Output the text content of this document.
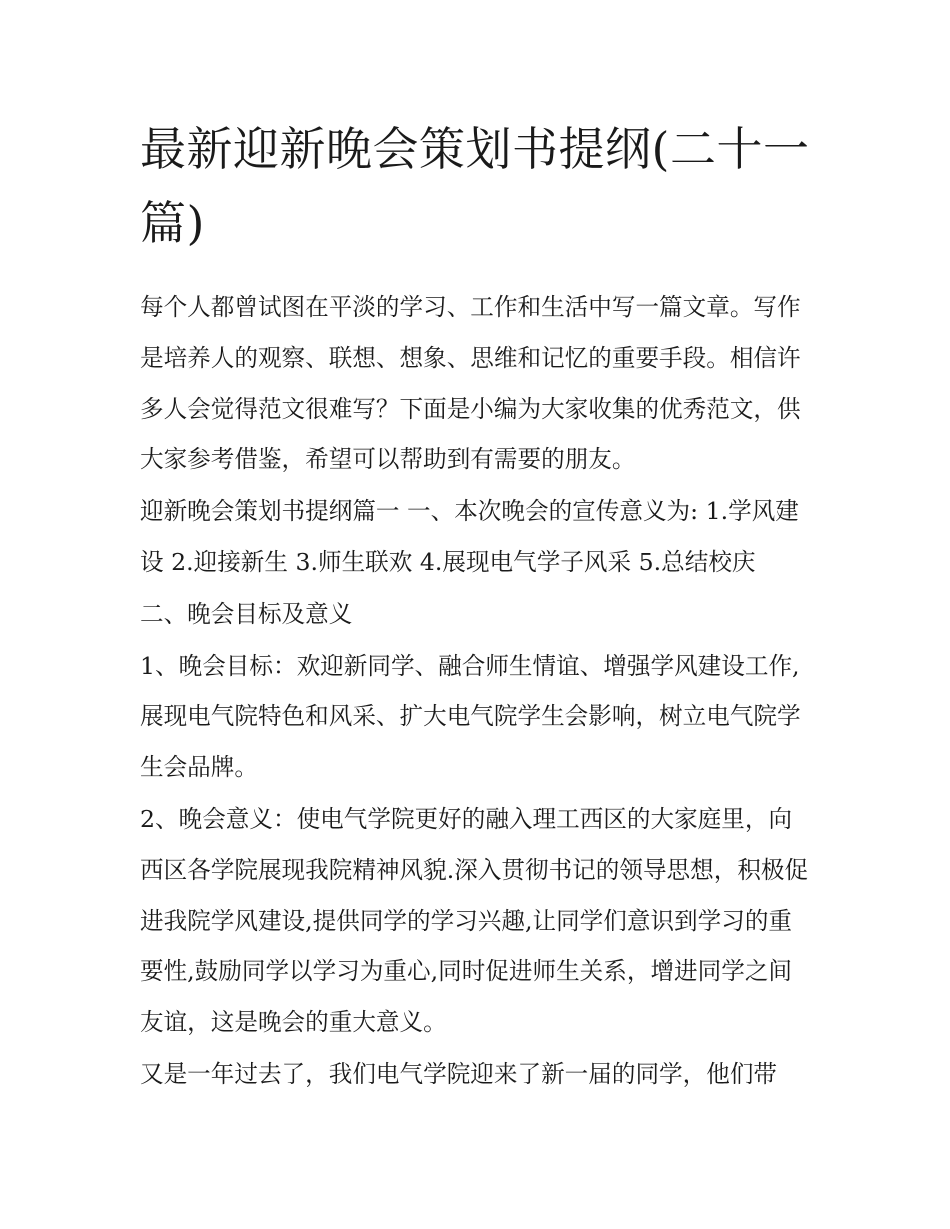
最新迎新晚会策划书提纲(二十一篇)

每个人都曾试图在平淡的学习、工作和生活中写一篇文章。写作是培养人的观察、联想、想象、思维和记忆的重要手段。相信许多人会觉得范文很难写？下面是小编为大家收集的优秀范文，供大家参考借鉴，希望可以帮助到有需要的朋友。

迎新晚会策划书提纲篇一 一、本次晚会的宣传意义为: 1.学风建设 2.迎接新生 3.师生联欢 4.展现电气学子风采 5.总结校庆

二、晚会目标及意义

1、晚会目标：欢迎新同学、融合师生情谊、增强学风建设工作,展现电气院特色和风采、扩大电气院学生会影响，树立电气院学生会品牌。

2、晚会意义：使电气学院更好的融入理工西区的大家庭里，向西区各学院展现我院精神风貌.深入贯彻书记的领导思想，积极促进我院学风建设,提供同学的学习兴趣,让同学们意识到学习的重要性,鼓励同学以学习为重心,同时促进师生关系，增进同学之间友谊，这是晚会的重大意义。

又是一年过去了，我们电气学院迎来了新一届的同学，他们带
